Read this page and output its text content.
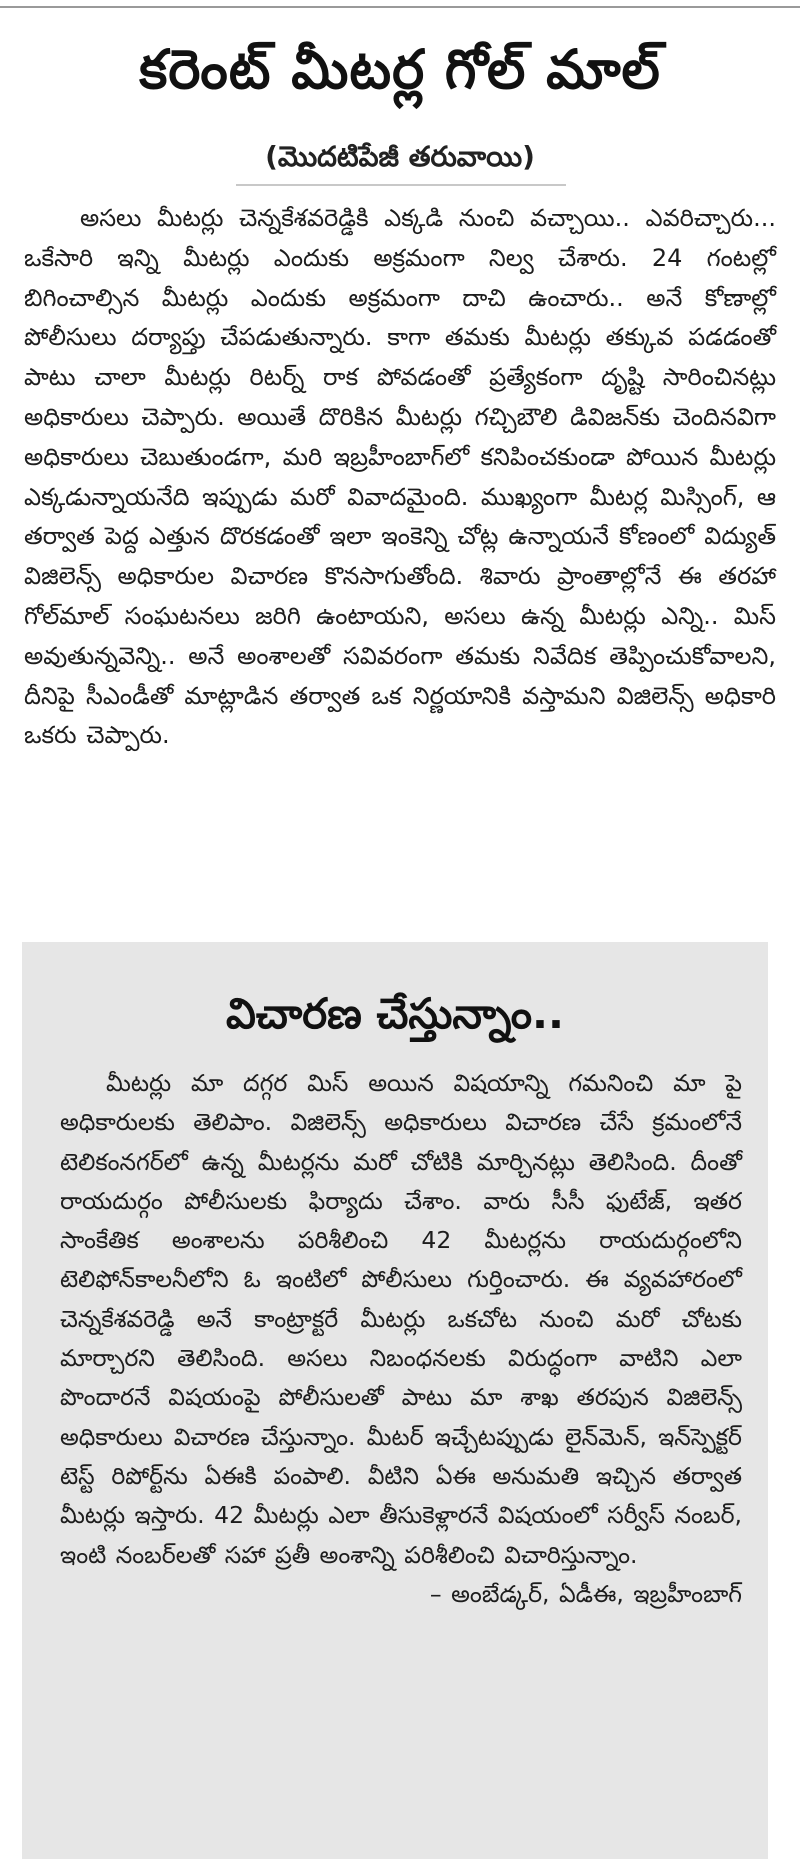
కరెంట్ మీటర్ల గోల్ మాల్
(మొదటిపేజీ తరువాయి)

అసలు మీటర్లు చెన్నకేశవరెడ్డికి ఎక్కడి నుంచి వచ్చాయి.. ఎవరిచ్చారు... ఒకేసారి ఇన్ని మీటర్లు ఎందుకు అక్రమంగా నిల్వ చేశారు. 24 గంటల్లో బిగించాల్సిన మీటర్లు ఎందుకు అక్రమంగా దాచి ఉంచారు.. అనే కోణాల్లో పోలీసులు దర్యాప్తు చేపడుతున్నారు. కాగా తమకు మీటర్లు తక్కువ పడడంతో పాటు చాలా మీటర్లు రిటర్న్ రాక పోవడంతో ప్రత్యేకంగా దృష్టి సారించినట్లు అధికారులు చెప్పారు. అయితే దొరికిన మీటర్లు గచ్చిబౌలి డివిజన్‌కు చెందినవిగా అధికారులు చెబుతుండగా, మరి ఇబ్రహీంబాగ్‌లో కనిపించకుండా పోయిన మీటర్లు ఎక్కడున్నాయనేది ఇప్పుడు మరో వివాదమైంది. ముఖ్యంగా మీటర్ల మిస్సింగ్, ఆ తర్వాత పెద్ద ఎత్తున దొరకడంతో ఇలా ఇంకెన్ని చోట్ల ఉన్నాయనే కోణంలో విద్యుత్ విజిలెన్స్ అధికారుల విచారణ కొనసాగుతోంది. శివారు ప్రాంతాల్లోనే ఈ తరహా గోల్‌మాల్ సంఘటనలు జరిగి ఉంటాయని, అసలు ఉన్న మీటర్లు ఎన్ని.. మిస్ అవుతున్నవెన్ని.. అనే అంశాలతో సవివరంగా తమకు నివేదిక తెప్పించుకోవాలని, దీనిపై సీఎండీతో మాట్లాడిన తర్వాత ఒక నిర్ణయానికి వస్తామని విజిలెన్స్ అధికారి ఒకరు చెప్పారు.

విచారణ చేస్తున్నాం..

మీటర్లు మా దగ్గర మిస్ అయిన విషయాన్ని గమనించి మా పై అధికారులకు తెలిపాం. విజిలెన్స్ అధికారులు విచారణ చేసే క్రమంలోనే టెలికంనగర్‌లో ఉన్న మీటర్లను మరో చోటికి మార్చినట్లు తెలిసింది. దీంతో రాయదుర్గం పోలీసులకు ఫిర్యాదు చేశాం. వారు సీసీ ఫుటేజ్, ఇతర సాంకేతిక అంశాలను పరిశీలించి 42 మీటర్లను రాయదుర్గంలోని టెలిఫోన్‌కాలనీలోని ఓ ఇంటిలో పోలీసులు గుర్తించారు. ఈ వ్యవహారంలో చెన్నకేశవరెడ్డి అనే కాంట్రాక్టరే మీటర్లు ఒకచోట నుంచి మరో చోటకు మార్చారని తెలిసింది. అసలు నిబంధనలకు విరుద్ధంగా వాటిని ఎలా పొందారనే విషయంపై పోలీసులతో పాటు మా శాఖ తరపున విజిలెన్స్ అధికారులు విచారణ చేస్తున్నాం. మీటర్ ఇచ్చేటప్పుడు లైన్‌మెన్, ఇన్‌స్పెక్టర్ టెస్ట్ రిపోర్ట్‌ను ఏఈకి పంపాలి. వీటిని ఏఈ అనుమతి ఇచ్చిన తర్వాత మీటర్లు ఇస్తారు. 42 మీటర్లు ఎలా తీసుకెళ్లారనే విషయంలో సర్వీస్ నంబర్, ఇంటి నంబర్‌లతో సహా ప్రతీ అంశాన్ని పరిశీలించి విచారిస్తున్నాం.

– అంబేడ్కర్, ఏడీఈ, ఇబ్రహీంబాగ్
